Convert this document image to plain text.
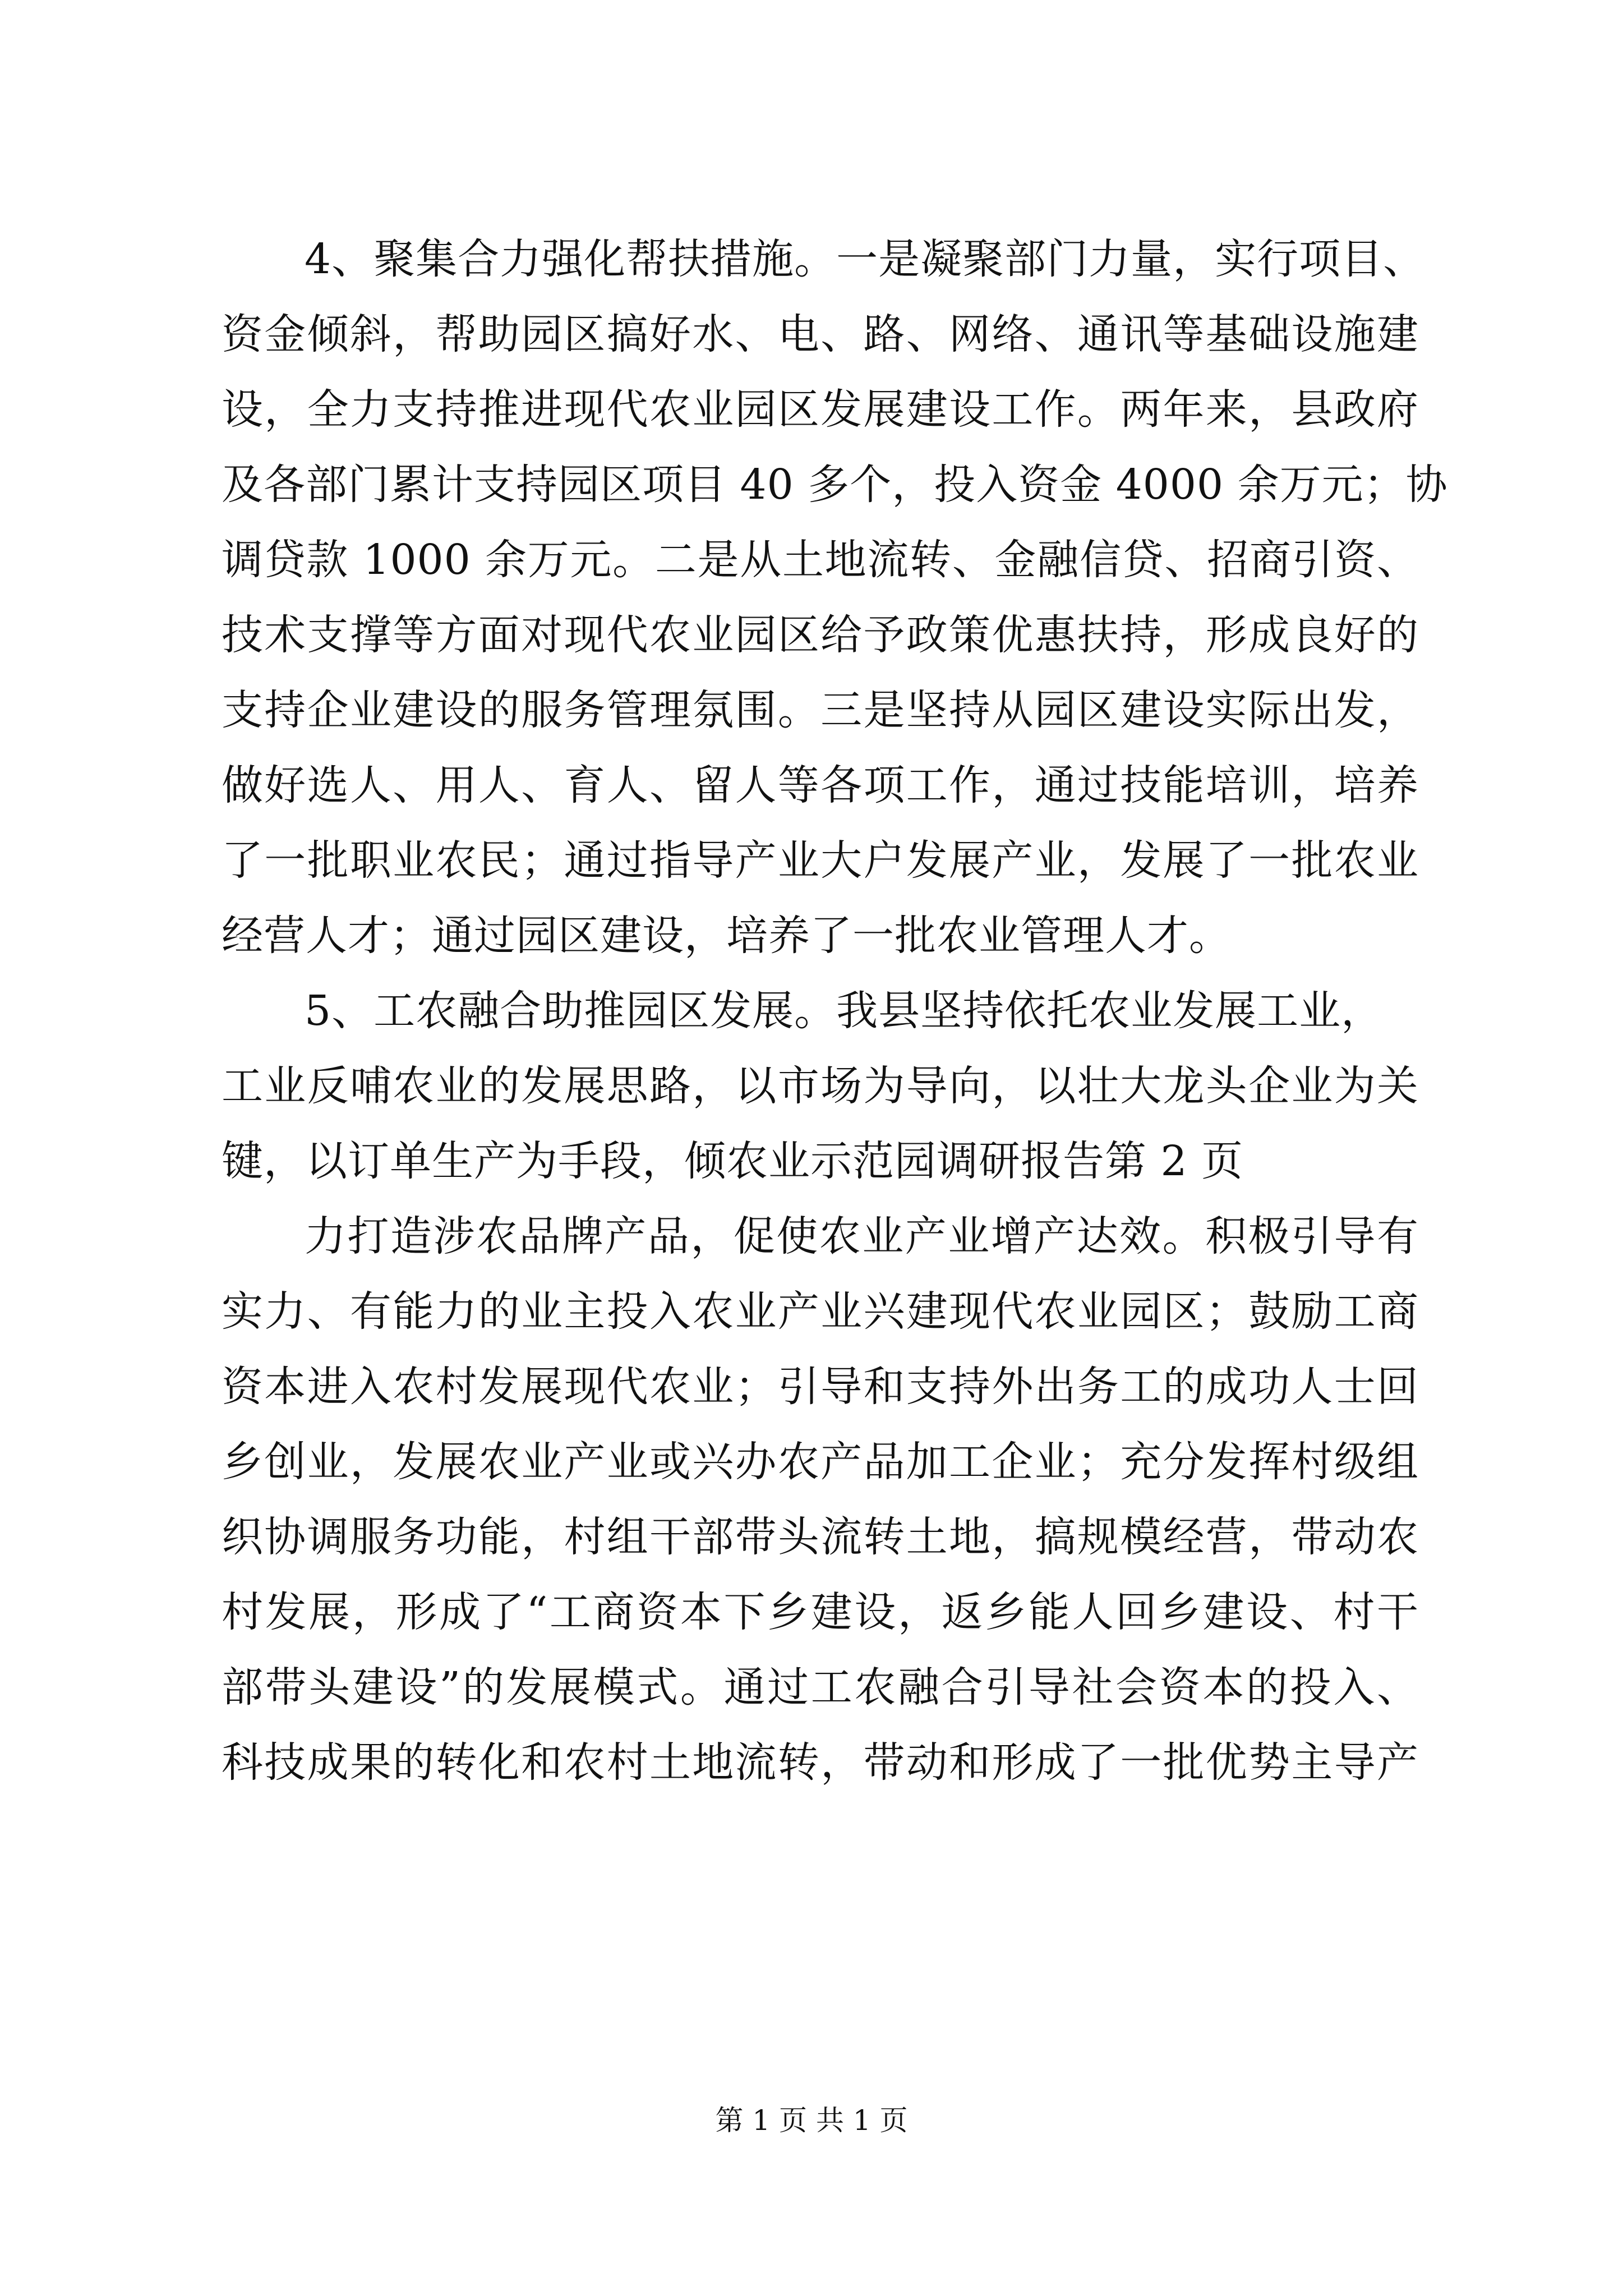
4、聚集合力强化帮扶措施。一是凝聚部门力量，实行项目、
资金倾斜，帮助园区搞好水、电、路、网络、通讯等基础设施建
设，全力支持推进现代农业园区发展建设工作。两年来，县政府
及各部门累计支持园区项目 40 多个，投入资金 4000 余万元；协
调贷款 1000 余万元。二是从土地流转、金融信贷、招商引资、
技术支撑等方面对现代农业园区给予政策优惠扶持，形成良好的
支持企业建设的服务管理氛围。三是坚持从园区建设实际出发，
做好选人、用人、育人、留人等各项工作，通过技能培训，培养
了一批职业农民；通过指导产业大户发展产业，发展了一批农业
经营人才；通过园区建设，培养了一批农业管理人才。
5、工农融合助推园区发展。我县坚持依托农业发展工业，
工业反哺农业的发展思路，以市场为导向，以壮大龙头企业为关
键，以订单生产为手段，倾农业示范园调研报告第 2 页
力打造涉农品牌产品，促使农业产业增产达效。积极引导有
实力、有能力的业主投入农业产业兴建现代农业园区；鼓励工商
资本进入农村发展现代农业；引导和支持外出务工的成功人士回
乡创业，发展农业产业或兴办农产品加工企业；充分发挥村级组
织协调服务功能，村组干部带头流转土地，搞规模经营，带动农
村发展，形成了“工商资本下乡建设，返乡能人回乡建设、村干
部带头建设”的发展模式。通过工农融合引导社会资本的投入、
科技成果的转化和农村土地流转，带动和形成了一批优势主导产
第 1 页 共 1 页
